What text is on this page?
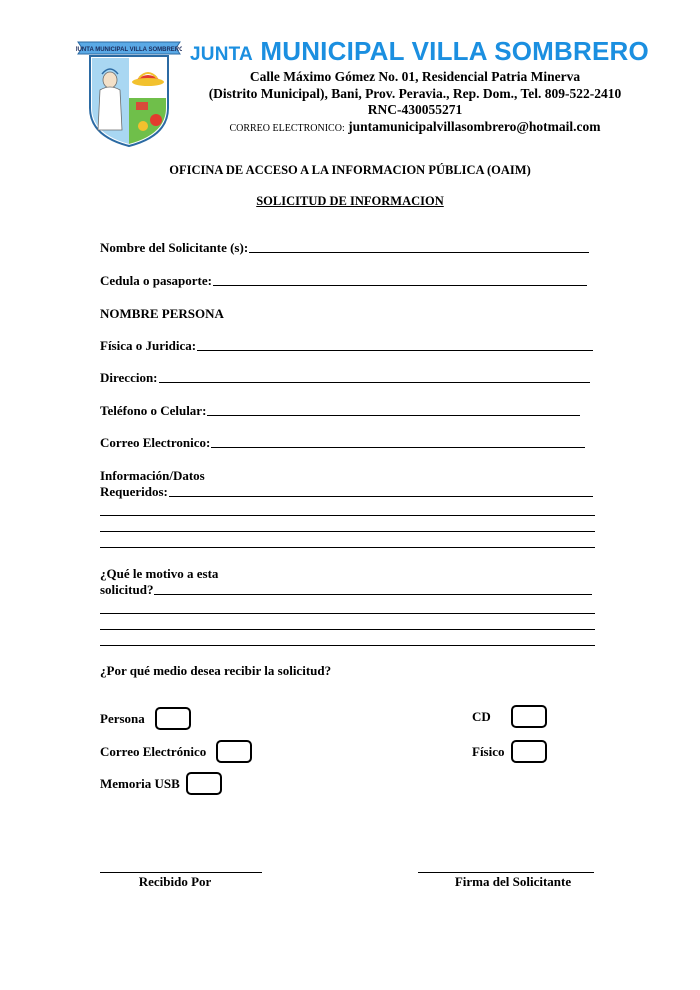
JUNTA MUNICIPAL VILLA SOMBRERO JUNTA MUNICIPAL VILLA SOMBRERO
Calle Máximo Gómez No. 01, Residencial Patria Minerva
(Distrito Municipal), Bani, Prov. Peravia., Rep. Dom., Tel. 809-522-2410
RNC-430055271
CORREO ELECTRONICO: juntamunicipalvillasombrero@hotmail.com
OFICINA DE ACCESO A LA INFORMACION PÚBLICA (OAIM)
SOLICITUD DE INFORMACION
Nombre del Solicitante (s):
Cedula o pasaporte:
NOMBRE PERSONA
Física o Juridica:
Direccion:
Teléfono o Celular:
Correo Electronico:
Información/Datos
Requeridos:
¿Qué le motivo a esta
solicitud?
¿Por qué medio desea recibir la solicitud?
Persona	CD
Correo Electrónico	Físico
Memoria USB
Recibido Por	Firma del Solicitante
